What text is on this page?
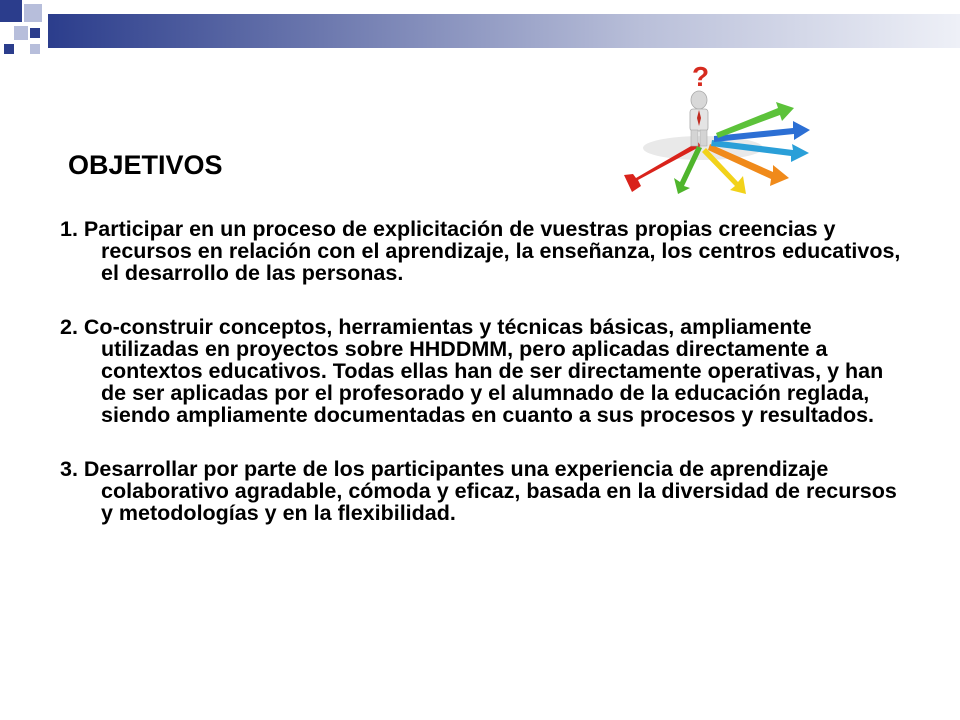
OBJETIVOS
?

1. Participar en un proceso de explicitación de vuestras propias creencias y recursos en relación con el aprendizaje, la enseñanza, los centros educativos, el desarrollo de las personas.

2. Co-construir conceptos, herramientas y técnicas básicas, ampliamente utilizadas en proyectos sobre HHDDMM, pero aplicadas directamente a contextos educativos. Todas ellas han de ser directamente operativas, y han de ser aplicadas por el profesorado y el alumnado de la educación reglada, siendo ampliamente documentadas en cuanto a sus procesos y resultados.

3. Desarrollar por parte de los participantes una experiencia de aprendizaje colaborativo agradable, cómoda y eficaz, basada en la diversidad de recursos y metodologías y en la flexibilidad.
